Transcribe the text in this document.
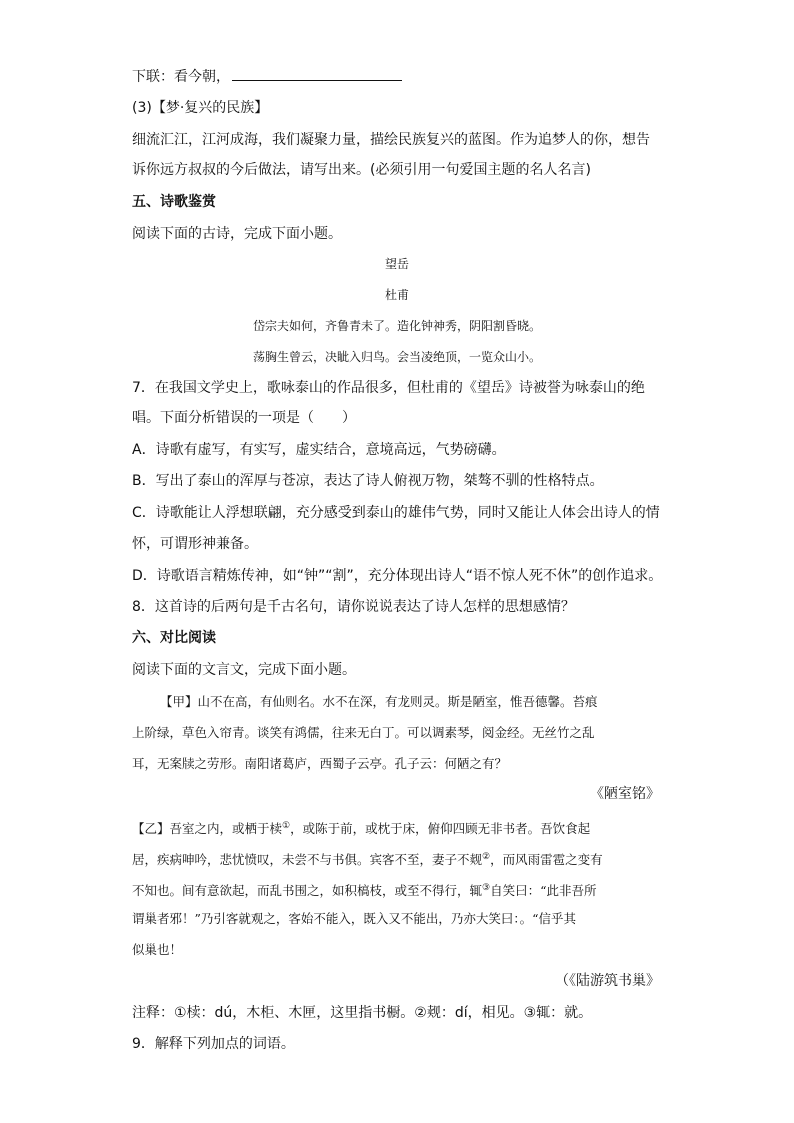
下联：看今朝，
(3)【梦·复兴的民族】
细流汇江，江河成海，我们凝聚力量，描绘民族复兴的蓝图。作为追梦人的你，想告
诉你远方叔叔的今后做法，请写出来。(必须引用一句爱国主题的名人名言)
五、诗歌鉴赏
阅读下面的古诗，完成下面小题。
望岳
杜甫
岱宗夫如何，齐鲁青未了。造化钟神秀，阴阳割昏晓。
荡胸生曾云，决眦入归鸟。会当凌绝顶，一览众山小。
7．在我国文学史上，歌咏泰山的作品很多，但杜甫的《望岳》诗被誉为咏泰山的绝
唱。下面分析错误的一项是（　　）
A．诗歌有虚写，有实写，虚实结合，意境高远，气势磅礴。
B．写出了泰山的浑厚与苍凉，表达了诗人俯视万物，桀骜不驯的性格特点。
C．诗歌能让人浮想联翩，充分感受到泰山的雄伟气势，同时又能让人体会出诗人的情
怀，可谓形神兼备。
D．诗歌语言精炼传神，如“钟”“割”，充分体现出诗人“语不惊人死不休”的创作追求。
8．这首诗的后两句是千古名句，请你说说表达了诗人怎样的思想感情？
六、对比阅读
阅读下面的文言文，完成下面小题。
【甲】山不在高，有仙则名。水不在深，有龙则灵。斯是陋室，惟吾德馨。苔痕
上阶绿，草色入帘青。谈笑有鸿儒，往来无白丁。可以调素琴，阅金经。无丝竹之乱
耳，无案牍之劳形。南阳诸葛庐，西蜀子云亭。孔子云：何陋之有？
《陋室铭》
【乙】吾室之内，或栖于椟①，或陈于前，或枕于床，俯仰四顾无非书者。吾饮食起
居，疾病呻吟，悲忧愤叹，未尝不与书俱。宾客不至，妻子不觌②，而风雨雷雹之变有
不知也。间有意欲起，而乱书围之，如积槁枝，或至不得行，辄③自笑曰：“此非吾所
谓巢者邪！”乃引客就观之，客始不能入，既入又不能出，乃亦大笑曰：。“信乎其
似巢也！
（《陆游筑书巢》
注释：①椟：dú，木柜、木匣，这里指书橱。②觌：dí，相见。③辄：就。
9．解释下列加点的词语。
